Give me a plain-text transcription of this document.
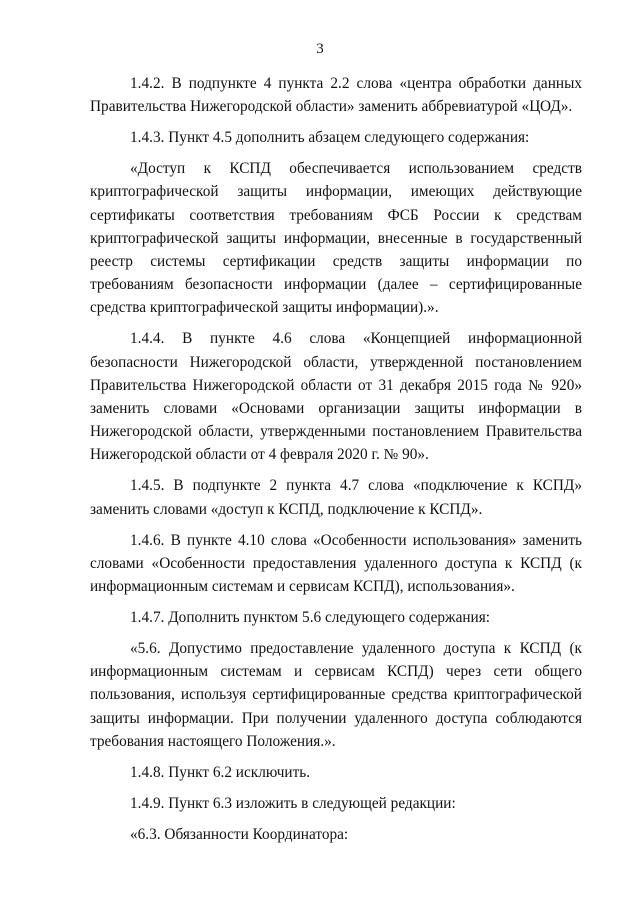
3

1.4.2. В подпункте 4 пункта 2.2 слова «центра обработки данных Правительства Нижегородской области» заменить аббревиатурой «ЦОД».

1.4.3. Пункт 4.5 дополнить абзацем следующего содержания:

«Доступ к КСПД обеспечивается использованием средств криптографической защиты информации, имеющих действующие сертификаты соответствия требованиям ФСБ России к средствам криптографической защиты информации, внесенные в государственный реестр системы сертификации средств защиты информации по требованиям безопасности информации (далее – сертифицированные средства криптографической защиты информации).».

1.4.4. В пункте 4.6 слова «Концепцией информационной безопасности Нижегородской области, утвержденной постановлением Правительства Нижегородской области от 31 декабря 2015 года № 920» заменить словами «Основами организации защиты информации в Нижегородской области, утвержденными постановлением Правительства Нижегородской области от 4 февраля 2020 г. № 90».

1.4.5. В подпункте 2 пункта 4.7 слова «подключение к КСПД» заменить словами «доступ к КСПД, подключение к КСПД».

1.4.6. В пункте 4.10 слова «Особенности использования» заменить словами «Особенности предоставления удаленного доступа к КСПД (к информационным системам и сервисам КСПД), использования».

1.4.7. Дополнить пунктом 5.6 следующего содержания:

«5.6. Допустимо предоставление удаленного доступа к КСПД (к информационным системам и сервисам КСПД) через сети общего пользования, используя сертифицированные средства криптографической защиты информации. При получении удаленного доступа соблюдаются требования настоящего Положения.».

1.4.8. Пункт 6.2 исключить.

1.4.9. Пункт 6.3 изложить в следующей редакции:

«6.3. Обязанности Координатора:
